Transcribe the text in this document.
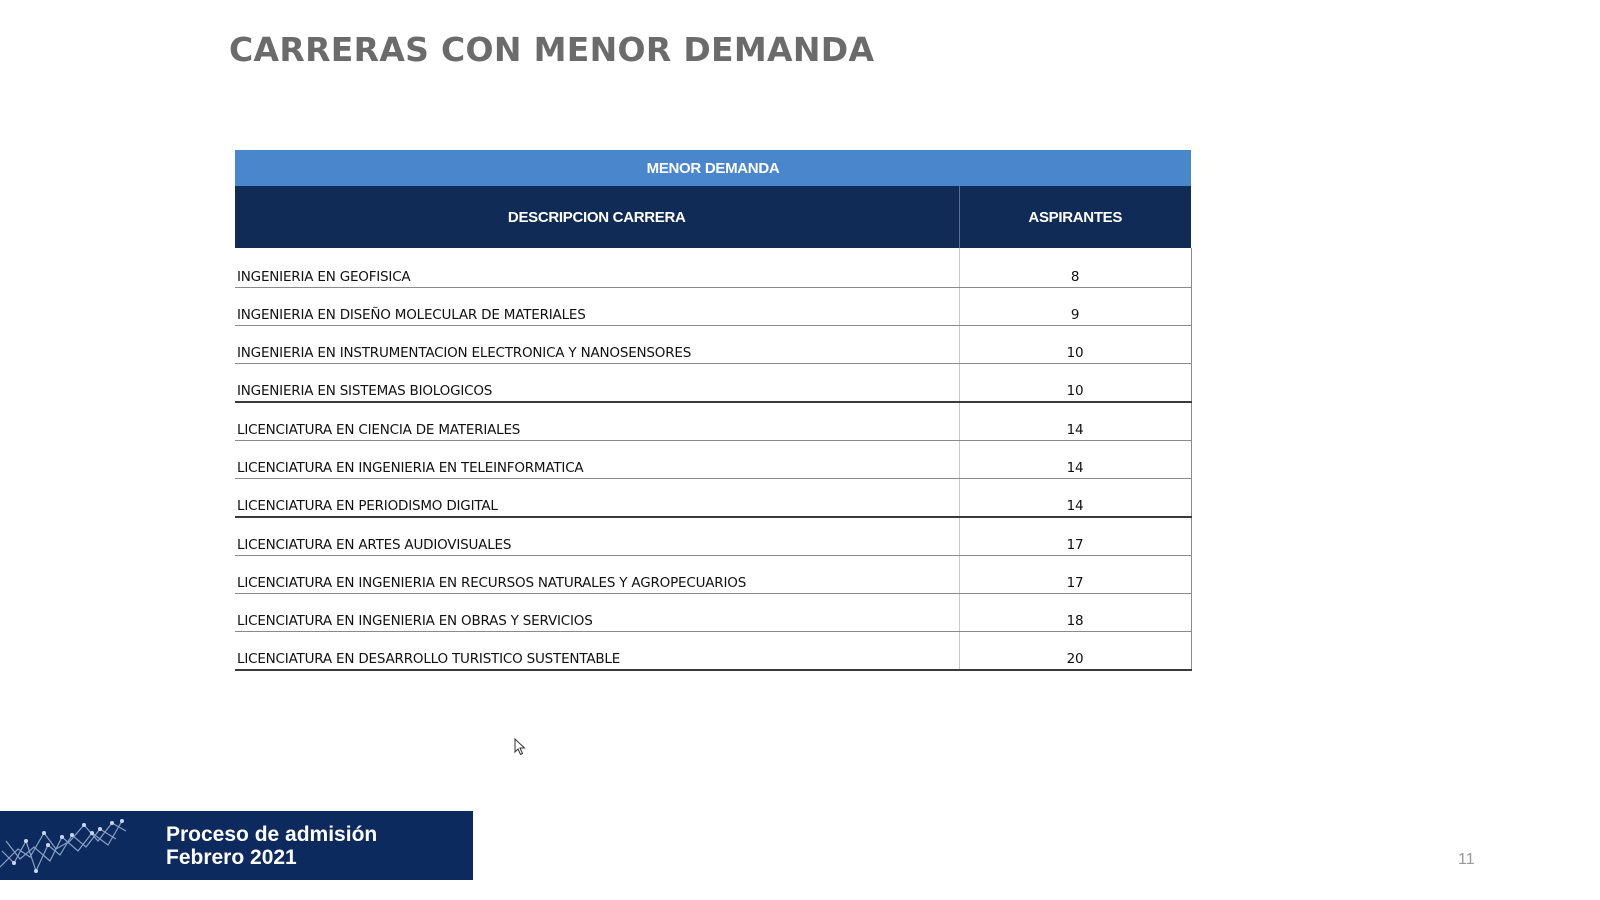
CARRERAS CON MENOR DEMANDA
MENOR DEMANDA	
DESCRIPCION CARRERA	ASPIRANTES
INGENIERIA EN GEOFISICA	8
INGENIERIA EN DISEÑO MOLECULAR DE MATERIALES	9
INGENIERIA EN INSTRUMENTACION ELECTRONICA Y NANOSENSORES	10
INGENIERIA EN SISTEMAS BIOLOGICOS	10
LICENCIATURA EN CIENCIA DE MATERIALES	14
LICENCIATURA EN INGENIERIA EN TELEINFORMATICA	14
LICENCIATURA EN PERIODISMO DIGITAL	14
LICENCIATURA EN ARTES AUDIOVISUALES	17
LICENCIATURA EN INGENIERIA EN RECURSOS NATURALES Y AGROPECUARIOS	17
LICENCIATURA EN INGENIERIA EN OBRAS Y SERVICIOS	18
LICENCIATURA EN DESARROLLO TURISTICO SUSTENTABLE	20
Proceso de admisión
Febrero 2021	11
